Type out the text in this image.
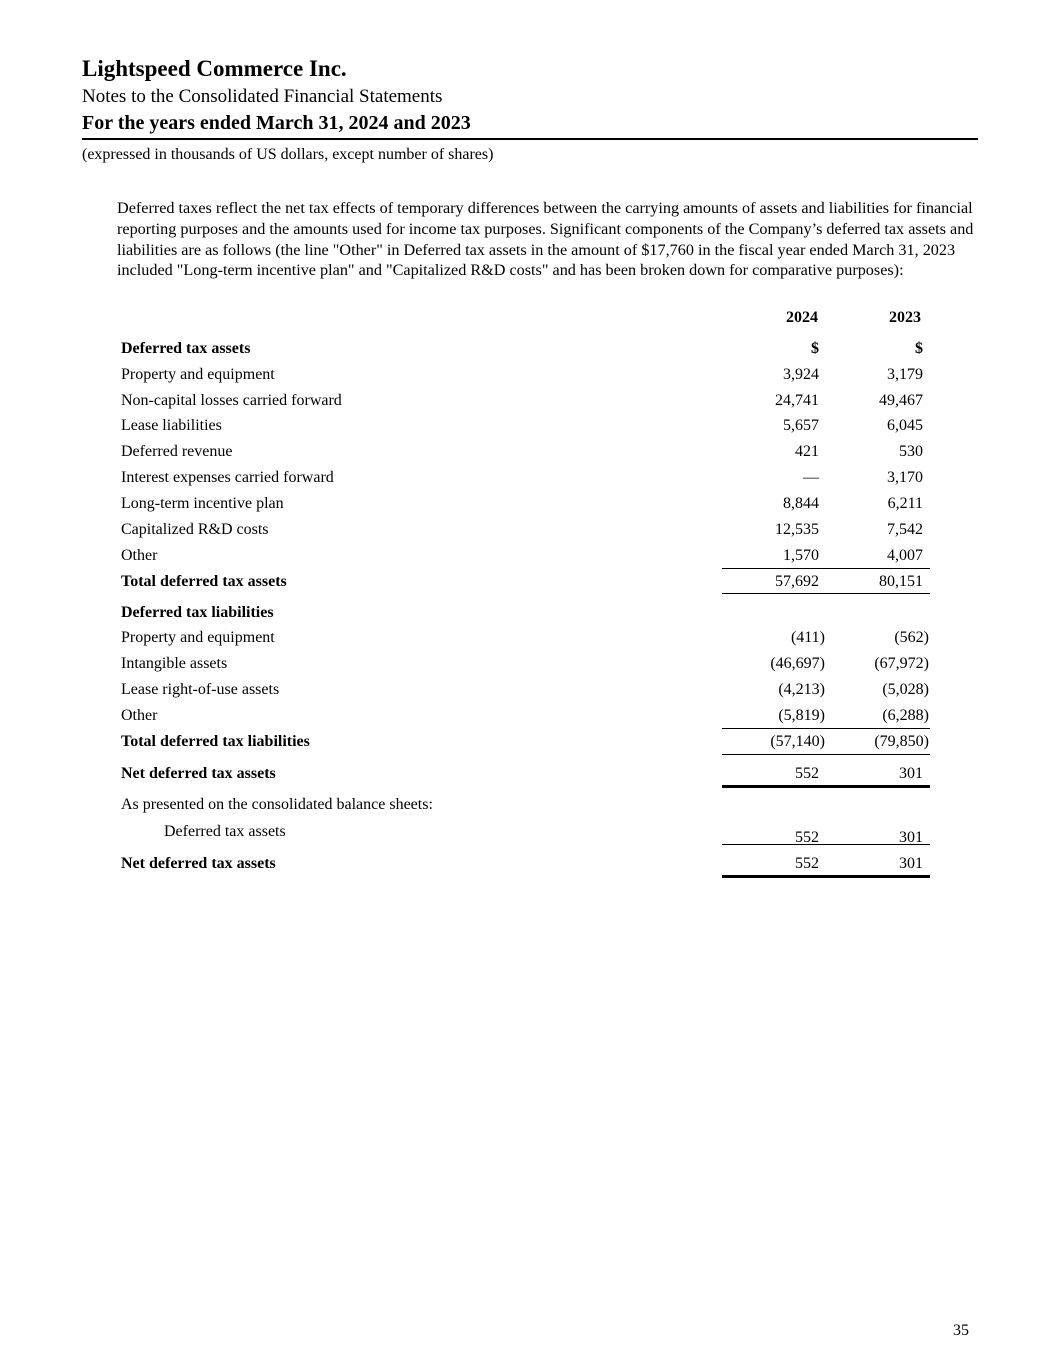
Lightspeed Commerce Inc.
Notes to the Consolidated Financial Statements
For the years ended March 31, 2024 and 2023
(expressed in thousands of US dollars, except number of shares)
Deferred taxes reflect the net tax effects of temporary differences between the carrying amounts of assets and liabilities for financial reporting purposes and the amounts used for income tax purposes. Significant components of the Company’s deferred tax assets and liabilities are as follows (the line "Other" in Deferred tax assets in the amount of $17,760 in the fiscal year ended March 31, 2023 included "Long-term incentive plan" and "Capitalized R&D costs" and has been broken down for comparative purposes):
2024	2023
Deferred tax assets	$	$
Property and equipment	3,924	3,179
Non-capital losses carried forward	24,741	49,467
Lease liabilities	5,657	6,045
Deferred revenue	421	530
Interest expenses carried forward	—	3,170
Long-term incentive plan	8,844	6,211
Capitalized R&D costs	12,535	7,542
Other	1,570	4,007
Total deferred tax assets	57,692	80,151
Deferred tax liabilities
Property and equipment	(411)	(562)
Intangible assets	(46,697)	(67,972)
Lease right-of-use assets	(4,213)	(5,028)
Other	(5,819)	(6,288)
Total deferred tax liabilities	(57,140)	(79,850)
Net deferred tax assets	552	301
As presented on the consolidated balance sheets:
Deferred tax assets	552	301
Net deferred tax assets	552	301
35
